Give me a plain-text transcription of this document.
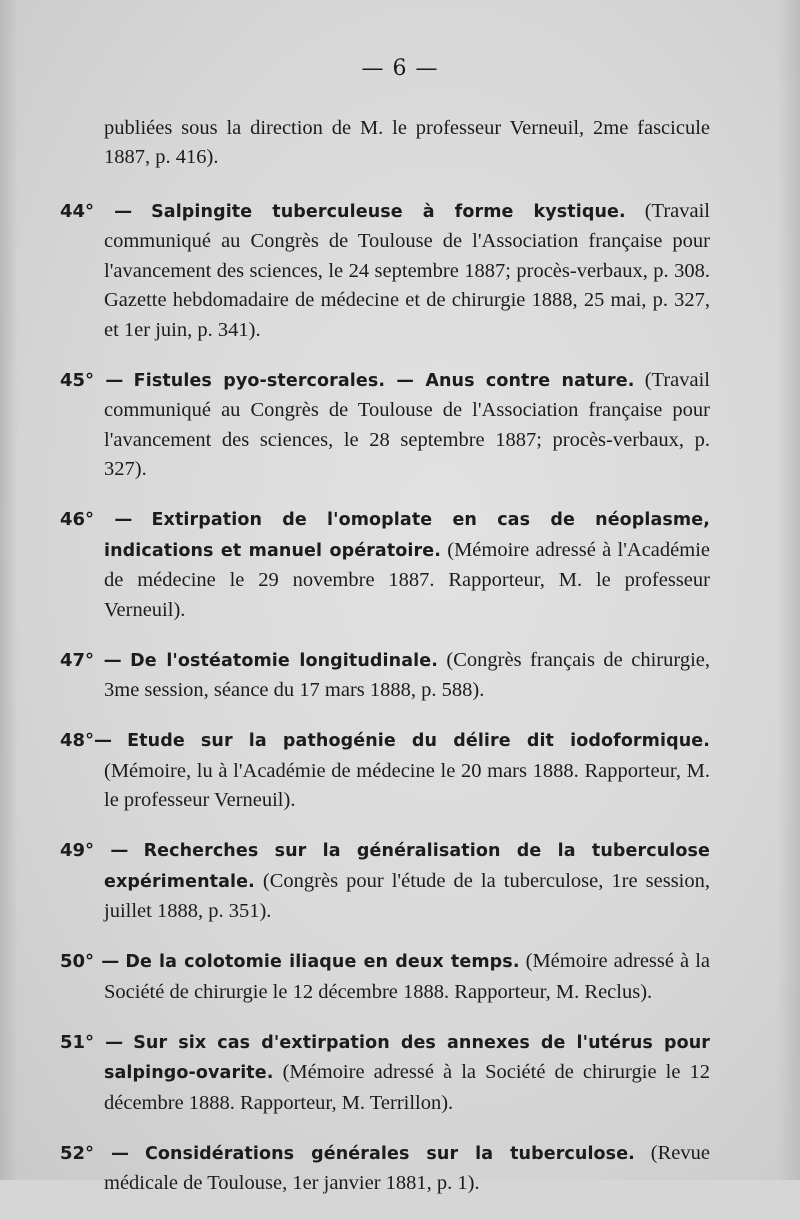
— 6 —

publiées sous la direction de M. le professeur Verneuil, 2me fascicule 1887, p. 416).

44° — Salpingite tuberculeuse à forme kystique. (Travail communiqué au Congrès de Toulouse de l'Association française pour l'avancement des sciences, le 24 septembre 1887; procès-verbaux, p. 308. Gazette hebdomadaire de médecine et de chirurgie 1888, 25 mai, p. 327, et 1er juin, p. 341).

45° — Fistules pyo-stercorales. — Anus contre nature. (Travail communiqué au Congrès de Toulouse de l'Association française pour l'avancement des sciences, le 28 septembre 1887; procès-verbaux, p. 327).

46° — Extirpation de l'omoplate en cas de néoplasme, indications et manuel opératoire. (Mémoire adressé à l'Académie de médecine le 29 novembre 1887. Rapporteur, M. le professeur Verneuil).

47° — De l'ostéatomie longitudinale. (Congrès français de chirurgie, 3me session, séance du 17 mars 1888, p. 588).

48°— Etude sur la pathogénie du délire dit iodoformique. (Mémoire, lu à l'Académie de médecine le 20 mars 1888. Rapporteur, M. le professeur Verneuil).

49° — Recherches sur la généralisation de la tuberculose expérimentale. (Congrès pour l'étude de la tuberculose, 1re session, juillet 1888, p. 351).

50° — De la colotomie iliaque en deux temps. (Mémoire adressé à la Société de chirurgie le 12 décembre 1888. Rapporteur, M. Reclus).

51° — Sur six cas d'extirpation des annexes de l'utérus pour salpingo-ovarite. (Mémoire adressé à la Société de chirurgie le 12 décembre 1888. Rapporteur, M. Terrillon).

52° — Considérations générales sur la tuberculose. (Revue médicale de Toulouse, 1er janvier 1881, p. 1).
